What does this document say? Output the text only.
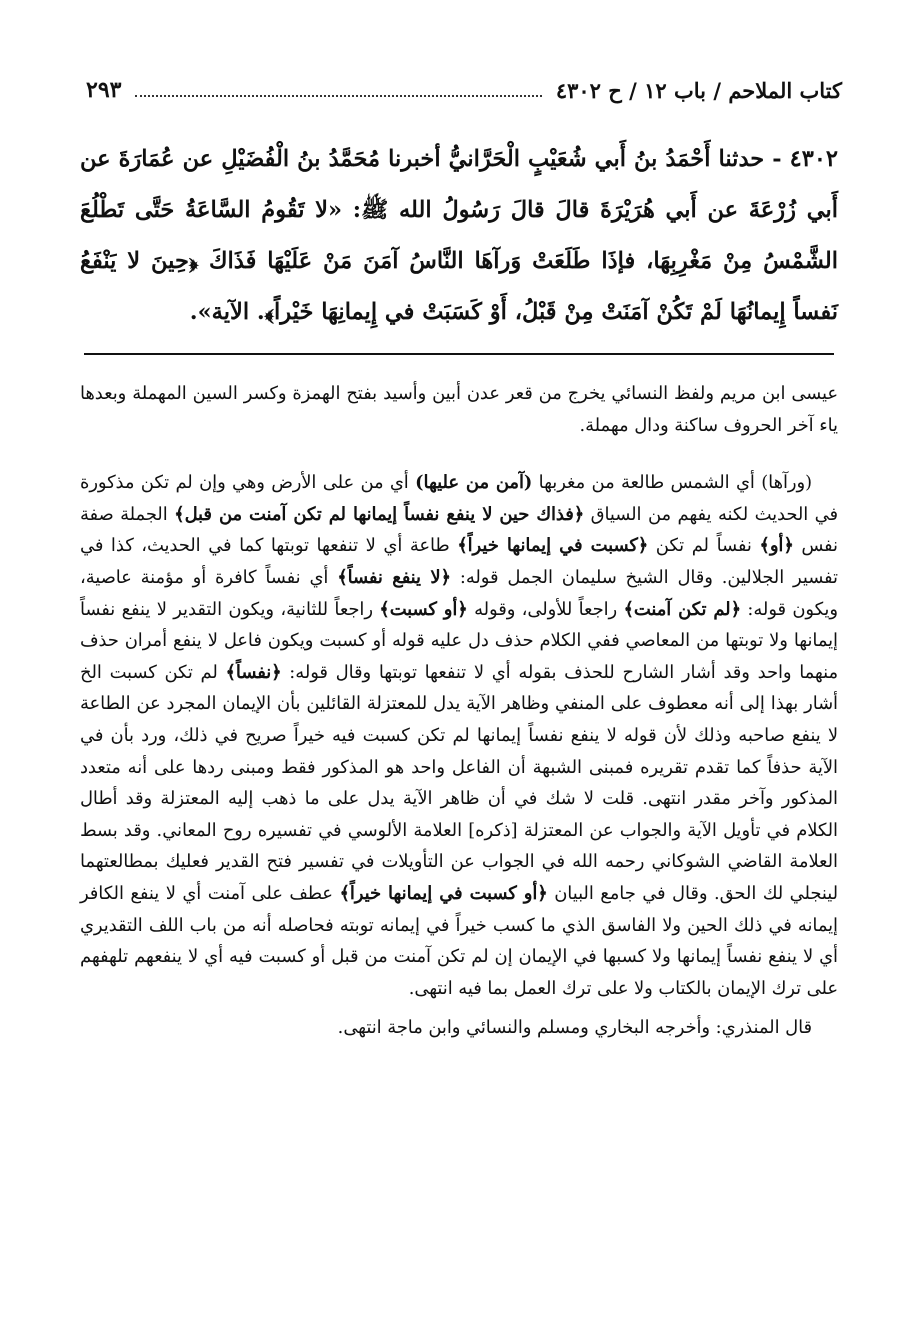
كتاب الملاحم / باب ١٢ / ح ٤٣٠٢
٢٩٣
٤٣٠٢ - حدثنا أَحْمَدُ بنُ أَبي شُعَيْبٍ الْحَرَّانيُّ أخبرنا مُحَمَّدُ بنُ الْفُضَيْلِ عن عُمَارَةَ عن أَبي زُرْعَةَ عن أَبي هُرَيْرَةَ قالَ قالَ رَسُولُ الله ﷺ: «لا تَقُومُ السَّاعَةُ حَتَّى تَطْلُعَ الشَّمْسُ مِنْ مَغْرِبِهَا، فإذَا طَلَعَتْ وَرآهَا النَّاسُ آمَنَ مَنْ عَلَيْهَا فَذَاكَ ﴿حِينَ لا يَنْفَعُ نَفساً إِيمانُهَا لَمْ تَكُنْ آمَنَتْ مِنْ قَبْلُ، أَوْ كَسَبَتْ في إِيمانِهَا خَيْراً﴾. الآية».

عيسى ابن مريم ولفظ النسائي يخرج من قعر عدن أبين وأسيد بفتح الهمزة وكسر السين المهملة وبعدها ياء آخر الحروف ساكنة ودال مهملة.

(ورآها) أي الشمس طالعة من مغربها (آمن من عليها) أي من على الأرض وهي وإن لم تكن مذكورة في الحديث لكنه يفهم من السياق ﴿فذاك حين لا ينفع نفساً إيمانها لم تكن آمنت من قبل﴾ الجملة صفة نفس ﴿أو﴾ نفساً لم تكن ﴿كسبت في إيمانها خيراً﴾ طاعة أي لا تنفعها توبتها كما في الحديث، كذا في تفسير الجلالين. وقال الشيخ سليمان الجمل قوله: ﴿لا ينفع نفساً﴾ أي نفساً كافرة أو مؤمنة عاصية، ويكون قوله: ﴿لم تكن آمنت﴾ راجعاً للأولى، وقوله ﴿أو كسبت﴾ راجعاً للثانية، ويكون التقدير لا ينفع نفساً إيمانها ولا توبتها من المعاصي ففي الكلام حذف دل عليه قوله أو كسبت ويكون فاعل لا ينفع أمران حذف منهما واحد وقد أشار الشارح للحذف بقوله أي لا تنفعها توبتها وقال قوله: ﴿نفساً﴾ لم تكن كسبت الخ أشار بهذا إلى أنه معطوف على المنفي وظاهر الآية يدل للمعتزلة القائلين بأن الإيمان المجرد عن الطاعة لا ينفع صاحبه وذلك لأن قوله لا ينفع نفساً إيمانها لم تكن كسبت فيه خيراً صريح في ذلك، ورد بأن في الآية حذفاً كما تقدم تقريره فمبنى الشبهة أن الفاعل واحد هو المذكور فقط ومبنى ردها على أنه متعدد المذكور وآخر مقدر انتهى. قلت لا شك في أن ظاهر الآية يدل على ما ذهب إليه المعتزلة وقد أطال الكلام في تأويل الآية والجواب عن المعتزلة [ذكره] العلامة الألوسي في تفسيره روح المعاني. وقد بسط العلامة القاضي الشوكاني رحمه الله في الجواب عن التأويلات في تفسير فتح القدير فعليك بمطالعتهما لينجلي لك الحق. وقال في جامع البيان ﴿أو كسبت في إيمانها خيراً﴾ عطف على آمنت أي لا ينفع الكافر إيمانه في ذلك الحين ولا الفاسق الذي ما كسب خيراً في إيمانه توبته فحاصله أنه من باب اللف التقديري أي لا ينفع نفساً إيمانها ولا كسبها في الإيمان إن لم تكن آمنت من قبل أو كسبت فيه أي لا ينفعهم تلهفهم على ترك الإيمان بالكتاب ولا على ترك العمل بما فيه انتهى.

قال المنذري: وأخرجه البخاري ومسلم والنسائي وابن ماجة انتهى.
